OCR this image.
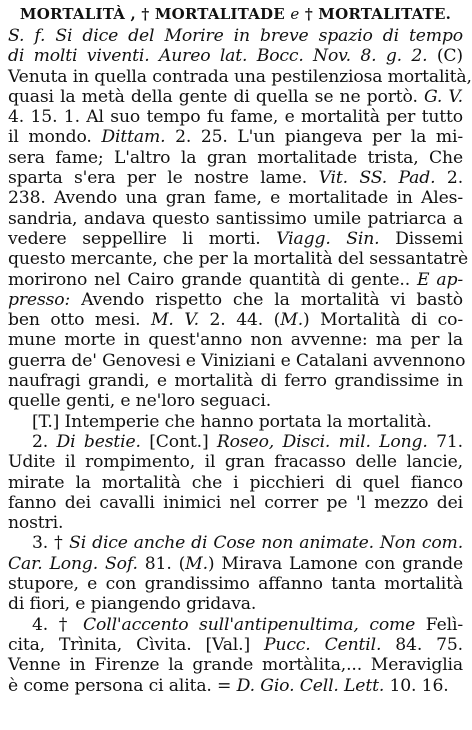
MORTALITÀ , † MORTALITADE e † MORTALITATE.
S. f. Si dice del Morire in breve spazio di tempo
di molti viventi. Aureo lat. Bocc. Nov. 8. g. 2. (C)
Venuta in quella contrada una pestilenziosa mortalità,
quasi la metà della gente di quella se ne portò. G. V.
4. 15. 1. Al suo tempo fu fame, e mortalità per tutto
il mondo. Dittam. 2. 25. L'un piangeva per la mi-
sera fame; L'altro la gran mortalitade trista, Che
sparta s'era per le nostre lame. Vit. SS. Pad. 2.
238. Avendo una gran fame, e mortalitade in Ales-
sandria, andava questo santissimo umile patriarca a
vedere seppellire li morti. Viagg. Sin. Dissemi
questo mercante, che per la mortalità del sessantatrè
morirono nel Cairo grande quantità di gente.. E ap-
presso: Avendo rispetto che la mortalità vi bastò
ben otto mesi. M. V. 2. 44. (M.) Mortalità di co-
mune morte in quest'anno non avvenne: ma per la
guerra de' Genovesi e Viniziani e Catalani avvennono
naufragi grandi, e mortalità di ferro grandissime in
quelle genti, e ne'loro seguaci.
[T.] Intemperie che hanno portata la mortalità.
2. Di bestie. [Cont.] Roseo, Disci. mil. Long. 71.
Udite il rompimento, il gran fracasso delle lancie,
mirate la mortalità che i picchieri di quel fianco
fanno dei cavalli inimici nel correr pe 'l mezzo dei
nostri.
3. † Si dice anche di Cose non animate. Non com.
Car. Long. Sof. 81. (M.) Mirava Lamone con grande
stupore, e con grandissimo affanno tanta mortalità
di fiori, e piangendo gridava.
4. † Coll'accento sull'antipenultima, come Felì-
cita, Trìnita, Cìvita. [Val.] Pucc. Centil. 84. 75.
Venne in Firenze la grande mortàlita,... Meraviglia
è come persona ci alita. = D. Gio. Cell. Lett. 10. 16.
